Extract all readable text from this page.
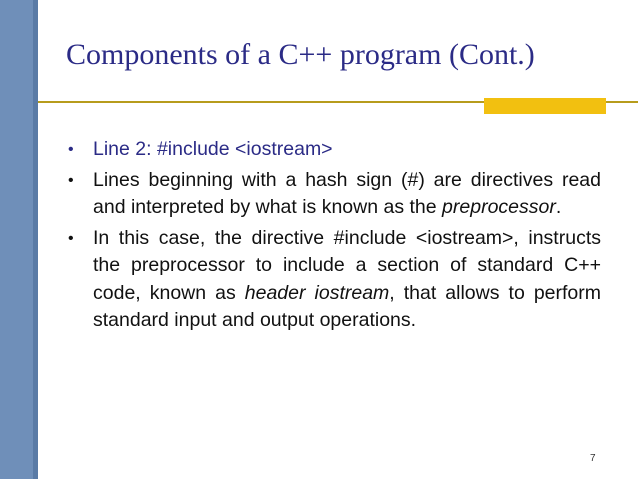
Components of a C++ program (Cont.)
• Line 2: #include <iostream>
• Lines beginning with a hash sign (#) are directives read and interpreted by what is known as the preprocessor.
• In this case, the directive #include <iostream>, instructs the preprocessor to include a section of standard C++ code, known as header iostream, that allows to perform standard input and output operations.
7
